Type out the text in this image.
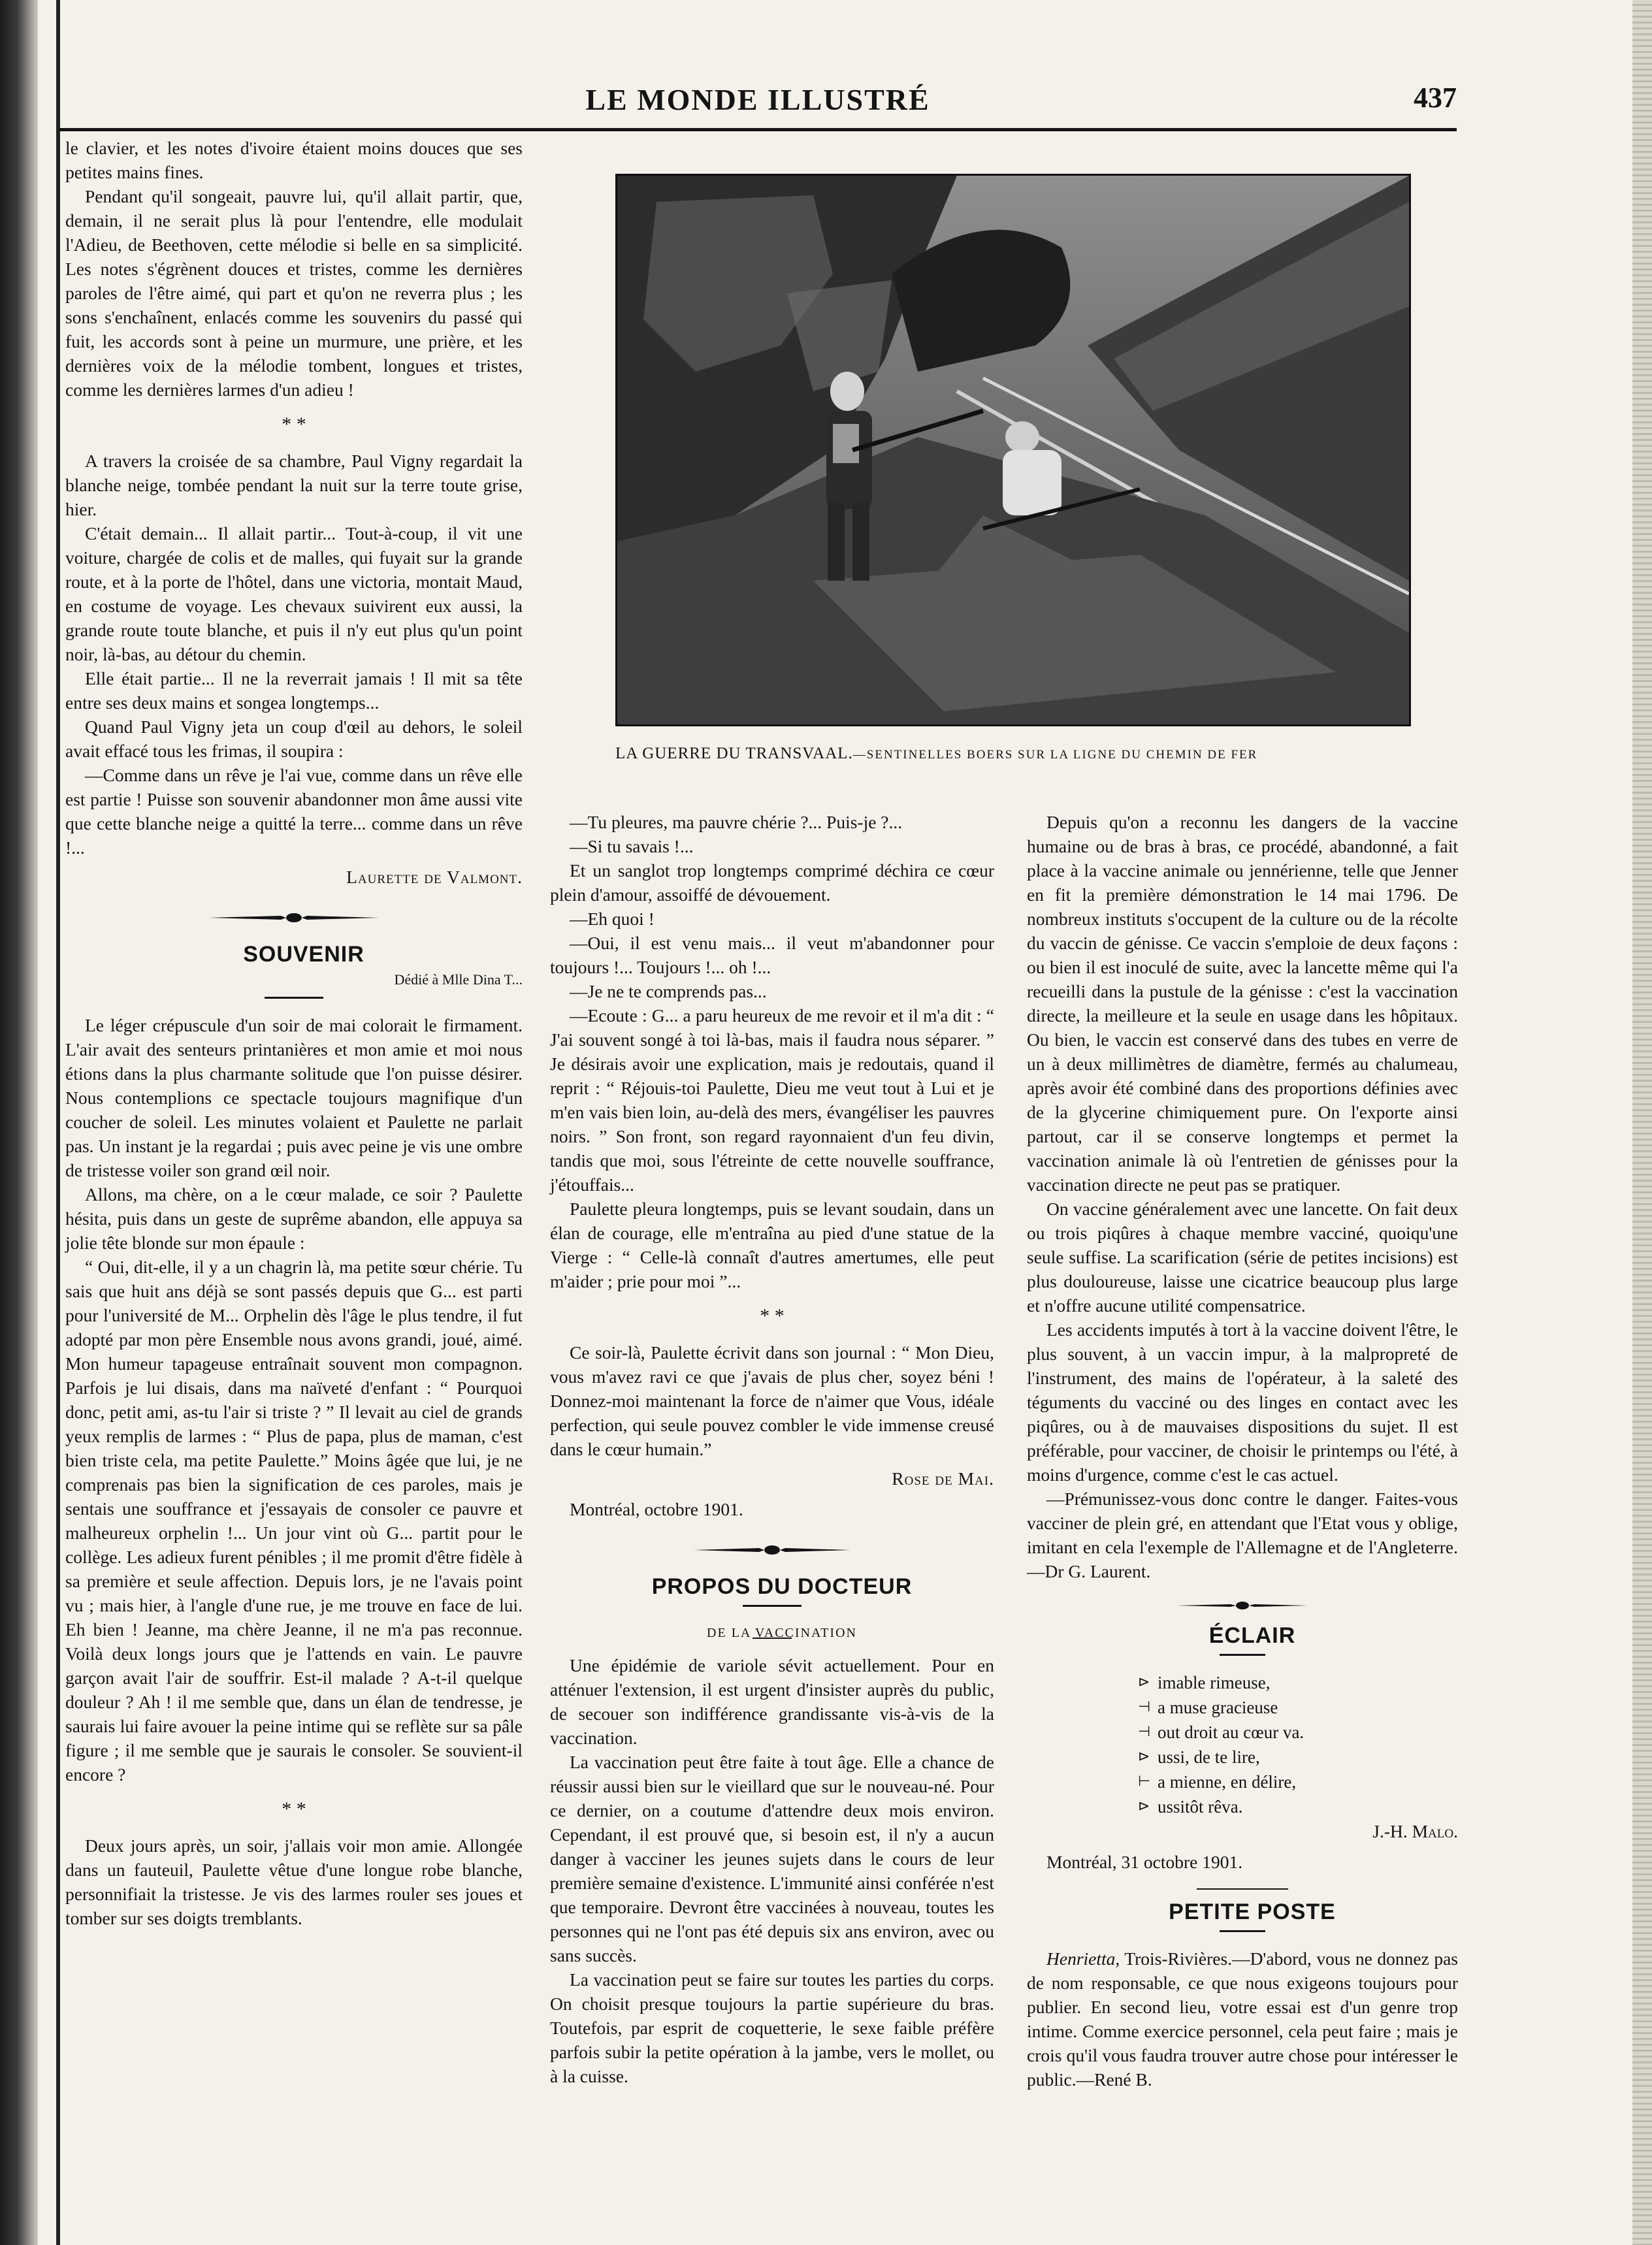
LE MONDE ILLUSTRÉ	437

le clavier, et les notes d'ivoire étaient moins douces que ses petites mains fines.

Pendant qu'il songeait, pauvre lui, qu'il allait partir, que, demain, il ne serait plus là pour l'entendre, elle modulait l'Adieu, de Beethoven, cette mélodie si belle en sa simplicité. Les notes s'égrènent douces et tristes, comme les dernières paroles de l'être aimé, qui part et qu'on ne reverra plus ; les sons s'enchaînent, enlacés comme les souvenirs du passé qui fuit, les accords sont à peine un murmure, une prière, et les dernières voix de la mélodie tombent, longues et tristes, comme les dernières larmes d'un adieu !

* *

A travers la croisée de sa chambre, Paul Vigny regardait la blanche neige, tombée pendant la nuit sur la terre toute grise, hier.

C'était demain... Il allait partir... Tout-à-coup, il vit une voiture, chargée de colis et de malles, qui fuyait sur la grande route, et à la porte de l'hôtel, dans une victoria, montait Maud, en costume de voyage. Les chevaux suivirent eux aussi, la grande route toute blanche, et puis il n'y eut plus qu'un point noir, là-bas, au détour du chemin.

Elle était partie... Il ne la reverrait jamais ! Il mit sa tête entre ses deux mains et songea longtemps...

Quand Paul Vigny jeta un coup d'œil au dehors, le soleil avait effacé tous les frimas, il soupira :

—Comme dans un rêve je l'ai vue, comme dans un rêve elle est partie ! Puisse son souvenir abandonner mon âme aussi vite que cette blanche neige a quitté la terre... comme dans un rêve !...

Laurette de Valmont.

SOUVENIR

Dédié à Mlle Dina T...

Le léger crépuscule d'un soir de mai colorait le firmament. L'air avait des senteurs printanières et mon amie et moi nous étions dans la plus charmante solitude que l'on puisse désirer. Nous contemplions ce spectacle toujours magnifique d'un coucher de soleil. Les minutes volaient et Paulette ne parlait pas. Un instant je la regardai ; puis avec peine je vis une ombre de tristesse voiler son grand œil noir.

Allons, ma chère, on a le cœur malade, ce soir ? Paulette hésita, puis dans un geste de suprême abandon, elle appuya sa jolie tête blonde sur mon épaule :

“ Oui, dit-elle, il y a un chagrin là, ma petite sœur chérie. Tu sais que huit ans déjà se sont passés depuis que G... est parti pour l'université de M... Orphelin dès l'âge le plus tendre, il fut adopté par mon père Ensemble nous avons grandi, joué, aimé. Mon humeur tapageuse entraînait souvent mon compagnon. Parfois je lui disais, dans ma naïveté d'enfant : “ Pourquoi donc, petit ami, as-tu l'air si triste ? ” Il levait au ciel de grands yeux remplis de larmes : “ Plus de papa, plus de maman, c'est bien triste cela, ma petite Paulette.” Moins âgée que lui, je ne comprenais pas bien la signification de ces paroles, mais je sentais une souffrance et j'essayais de consoler ce pauvre et malheureux orphelin !... Un jour vint où G... partit pour le collège. Les adieux furent pénibles ; il me promit d'être fidèle à sa première et seule affection. Depuis lors, je ne l'avais point vu ; mais hier, à l'angle d'une rue, je me trouve en face de lui. Eh bien ! Jeanne, ma chère Jeanne, il ne m'a pas reconnue. Voilà deux longs jours que je l'attends en vain. Le pauvre garçon avait l'air de souffrir. Est-il malade ? A-t-il quelque douleur ? Ah ! il me semble que, dans un élan de tendresse, je saurais lui faire avouer la peine intime qui se reflète sur sa pâle figure ; il me semble que je saurais le consoler. Se souvient-il encore ?

* *

Deux jours après, un soir, j'allais voir mon amie. Allongée dans un fauteuil, Paulette vêtue d'une longue robe blanche, personnifiait la tristesse. Je vis des larmes rouler ses joues et tomber sur ses doigts tremblants.

LA GUERRE DU TRANSVAAL.—SENTINELLES BOERS SUR LA LIGNE DU CHEMIN DE FER

—Tu pleures, ma pauvre chérie ?... Puis-je ?...

—Si tu savais !...

Et un sanglot trop longtemps comprimé déchira ce cœur plein d'amour, assoiffé de dévouement.

—Eh quoi !

—Oui, il est venu mais... il veut m'abandonner pour toujours !... Toujours !... oh !...

—Je ne te comprends pas...

—Ecoute : G... a paru heureux de me revoir et il m'a dit : “ J'ai souvent songé à toi là-bas, mais il faudra nous séparer. ” Je désirais avoir une explication, mais je redoutais, quand il reprit : “ Réjouis-toi Paulette, Dieu me veut tout à Lui et je m'en vais bien loin, au-delà des mers, évangéliser les pauvres noirs. ” Son front, son regard rayonnaient d'un feu divin, tandis que moi, sous l'étreinte de cette nouvelle souffrance, j'étouffais...

Paulette pleura longtemps, puis se levant soudain, dans un élan de courage, elle m'entraîna au pied d'une statue de la Vierge : “ Celle-là connaît d'autres amertumes, elle peut m'aider ; prie pour moi ”...

* *

Ce soir-là, Paulette écrivit dans son journal : “ Mon Dieu, vous m'avez ravi ce que j'avais de plus cher, soyez béni ! Donnez-moi maintenant la force de n'aimer que Vous, idéale perfection, qui seule pouvez combler le vide immense creusé dans le cœur humain.”

Rose de Mai.

Montréal, octobre 1901.

PROPOS DU DOCTEUR

DE LA VACCINATION

Une épidémie de variole sévit actuellement. Pour en atténuer l'extension, il est urgent d'insister auprès du public, de secouer son indifférence grandissante vis-à-vis de la vaccination.

La vaccination peut être faite à tout âge. Elle a chance de réussir aussi bien sur le vieillard que sur le nouveau-né. Pour ce dernier, on a coutume d'attendre deux mois environ. Cependant, il est prouvé que, si besoin est, il n'y a aucun danger à vacciner les jeunes sujets dans le cours de leur première semaine d'existence. L'immunité ainsi conférée n'est que temporaire. Devront être vaccinées à nouveau, toutes les personnes qui ne l'ont pas été depuis six ans environ, avec ou sans succès.

La vaccination peut se faire sur toutes les parties du corps. On choisit presque toujours la partie supérieure du bras. Toutefois, par esprit de coquetterie, le sexe faible préfère parfois subir la petite opération à la jambe, vers le mollet, ou à la cuisse.

Depuis qu'on a reconnu les dangers de la vaccine humaine ou de bras à bras, ce procédé, abandonné, a fait place à la vaccine animale ou jennérienne, telle que Jenner en fit la première démonstration le 14 mai 1796. De nombreux instituts s'occupent de la culture ou de la récolte du vaccin de génisse. Ce vaccin s'emploie de deux façons : ou bien il est inoculé de suite, avec la lancette même qui l'a recueilli dans la pustule de la génisse : c'est la vaccination directe, la meilleure et la seule en usage dans les hôpitaux. Ou bien, le vaccin est conservé dans des tubes en verre de un à deux millimètres de diamètre, fermés au chalumeau, après avoir été combiné dans des proportions définies avec de la glycerine chimiquement pure. On l'exporte ainsi partout, car il se conserve longtemps et permet la vaccination animale là où l'entretien de génisses pour la vaccination directe ne peut pas se pratiquer.

On vaccine généralement avec une lancette. On fait deux ou trois piqûres à chaque membre vacciné, quoiqu'une seule suffise. La scarification (série de petites incisions) est plus douloureuse, laisse une cicatrice beaucoup plus large et n'offre aucune utilité compensatrice.

Les accidents imputés à tort à la vaccine doivent l'être, le plus souvent, à un vaccin impur, à la malpropreté de l'instrument, des mains de l'opérateur, à la saleté des téguments du vacciné ou des linges en contact avec les piqûres, ou à de mauvaises dispositions du sujet. Il est préférable, pour vacciner, de choisir le printemps ou l'été, à moins d'urgence, comme c'est le cas actuel.

—Prémunissez-vous donc contre le danger. Faites-vous vacciner de plein gré, en attendant que l'Etat vous y oblige, imitant en cela l'exemple de l'Allemagne et de l'Angleterre.—Dr G. Laurent.

ÉCLAIR

⊳ imable rimeuse,
⊣ a muse gracieuse
⊣ out droit au cœur va.
⊳ ussi, de te lire,
⊢ a mienne, en délire,
⊳ ussitôt rêva.

J.-H. Malo.

Montréal, 31 octobre 1901.

PETITE POSTE

Henrietta, Trois-Rivières.—D'abord, vous ne donnez pas de nom responsable, ce que nous exigeons toujours pour publier. En second lieu, votre essai est d'un genre trop intime. Comme exercice personnel, cela peut faire ; mais je crois qu'il vous faudra trouver autre chose pour intéresser le public.—René B.
